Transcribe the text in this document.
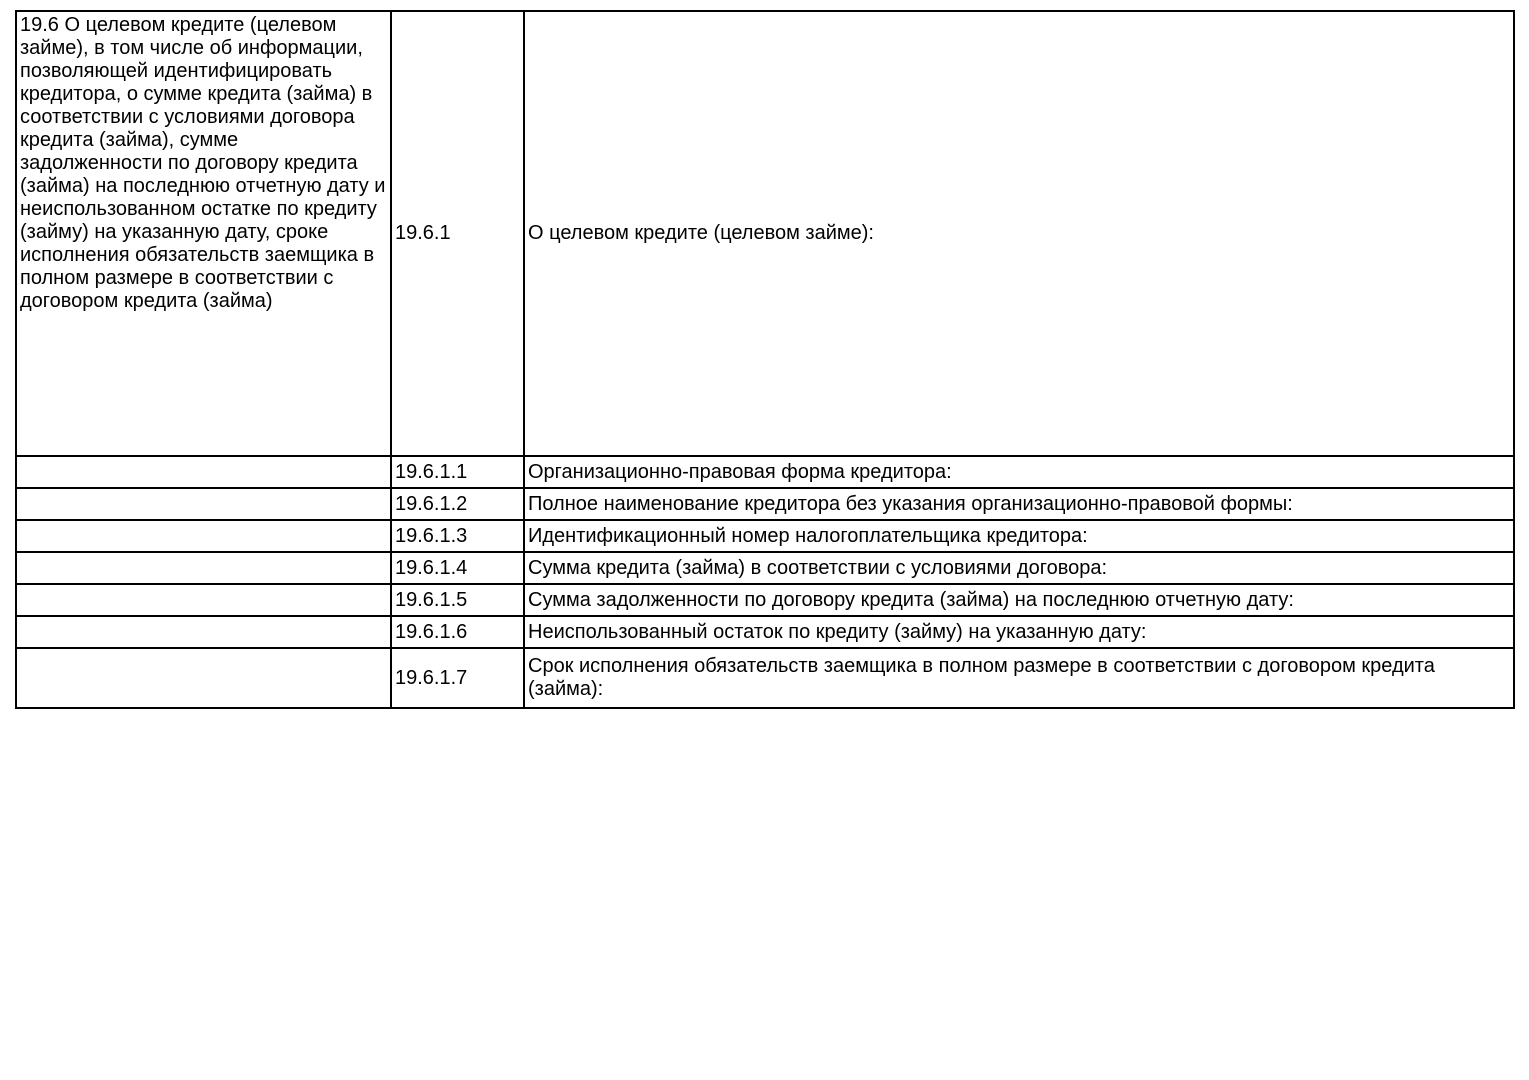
19.6 О целевом кредите (целевом займе), в том числе об информации, позволяющей идентифицировать кредитора, о сумме кредита (займа) в соответствии с условиями договора кредита (займа), сумме задолженности по договору кредита (займа) на последнюю отчетную дату и неиспользованном остатке по кредиту (займу) на указанную дату, сроке исполнения обязательств заемщика в полном размере в соответствии с договором кредита (займа)	19.6.1	О целевом кредите (целевом займе):
	19.6.1.1	Организационно-правовая форма кредитора:
	19.6.1.2	Полное наименование кредитора без указания организационно-правовой формы:
	19.6.1.3	Идентификационный номер налогоплательщика кредитора:
	19.6.1.4	Сумма кредита (займа) в соответствии с условиями договора:
	19.6.1.5	Сумма задолженности по договору кредита (займа) на последнюю отчетную дату:
	19.6.1.6	Неиспользованный остаток по кредиту (займу) на указанную дату:
	19.6.1.7	Срок исполнения обязательств заемщика в полном размере в соответствии с договором кредита (займа):
